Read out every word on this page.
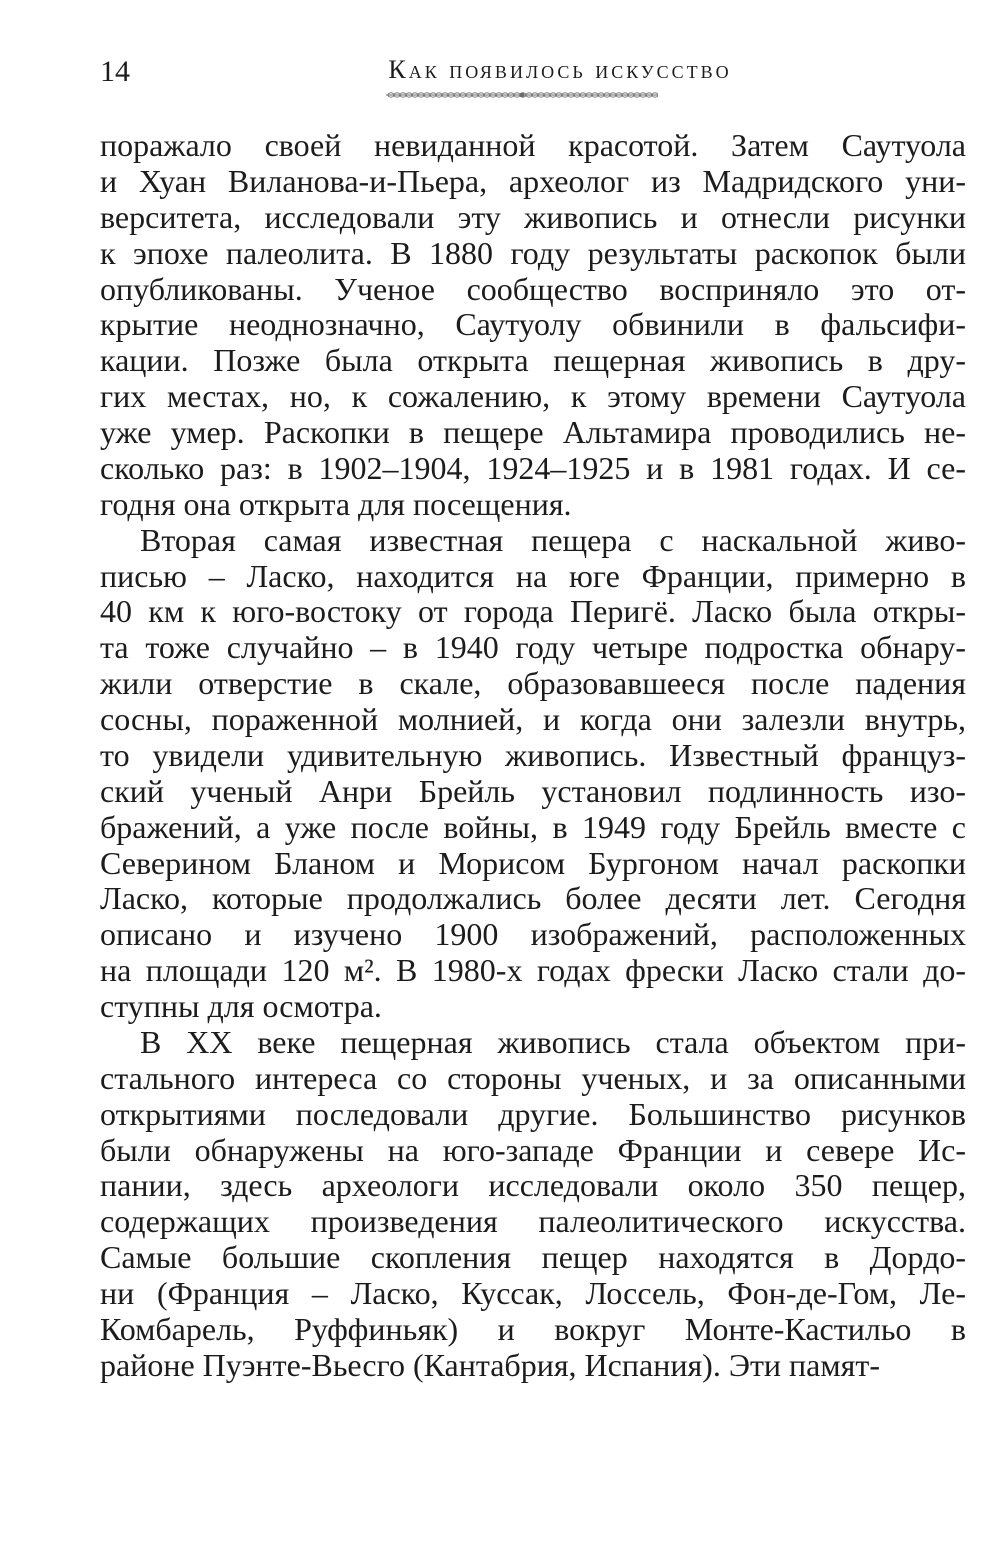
14	Как появилось искусство
поражало своей невиданной красотой. Затем Саутуола
и Хуан Виланова-и-Пьера, археолог из Мадридского уни-
верситета, исследовали эту живопись и отнесли рисунки
к эпохе палеолита. В 1880 году результаты раскопок были
опубликованы. Ученое сообщество восприняло это от-
крытие неоднозначно, Саутуолу обвинили в фальсифи-
кации. Позже была открыта пещерная живопись в дру-
гих местах, но, к сожалению, к этому времени Саутуола
уже умер. Раскопки в пещере Альтамира проводились не-
сколько раз: в 1902–1904, 1924–1925 и в 1981 годах. И се-
годня она открыта для посещения.
Вторая самая известная пещера с наскальной живо-
писью – Ласко, находится на юге Франции, примерно в
40 км к юго-востоку от города Перигё. Ласко была откры-
та тоже случайно – в 1940 году четыре подростка обнару-
жили отверстие в скале, образовавшееся после падения
сосны, пораженной молнией, и когда они залезли внутрь,
то увидели удивительную живопись. Известный француз-
ский ученый Анри Брейль установил подлинность изо-
бражений, а уже после войны, в 1949 году Брейль вместе с
Северином Бланом и Морисом Бургоном начал раскопки
Ласко, которые продолжались более десяти лет. Сегодня
описано и изучено 1900 изображений, расположенных
на площади 120 м². В 1980-х годах фрески Ласко стали до-
ступны для осмотра.
В XX веке пещерная живопись стала объектом при-
стального интереса со стороны ученых, и за описанными
открытиями последовали другие. Большинство рисунков
были обнаружены на юго-западе Франции и севере Ис-
пании, здесь археологи исследовали около 350 пещер,
содержащих произведения палеолитического искусства.
Самые большие скопления пещер находятся в Дордо-
ни (Франция – Ласко, Куссак, Лоссель, Фон-де-Гом, Ле-
Комбарель, Руффиньяк) и вокруг Монте-Кастильо в
районе Пуэнте-Вьесго (Кантабрия, Испания). Эти памят-
